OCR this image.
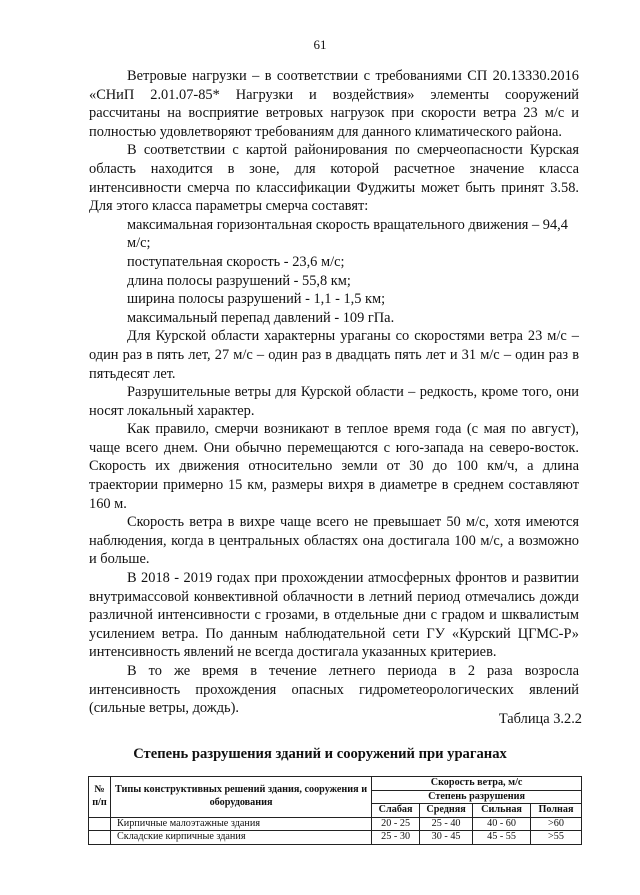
61

Ветровые нагрузки – в соответствии с требованиями СП 20.13330.2016 «СНиП 2.01.07-85* Нагрузки и воздействия» элементы сооружений рассчитаны на восприятие ветровых нагрузок при скорости ветра 23 м/с и полностью удовлетворяют требованиям для данного климатического района.

В соответствии с картой районирования по смерчеопасности Курская область находится в зоне, для которой расчетное значение класса интенсивности смерча по классификации Фуджиты может быть принят 3.58. Для этого класса параметры смерча составят:

максимальная горизонтальная скорость вращательного движения – 94,4 м/с;

поступательная скорость - 23,6 м/с;

длина полосы разрушений - 55,8 км;

ширина полосы разрушений - 1,1 - 1,5 км;

максимальный перепад давлений - 109 гПа.

Для Курской области характерны ураганы со скоростями ветра 23 м/с – один раз в пять лет, 27 м/с – один раз в двадцать пять лет и 31 м/с – один раз в пятьдесят лет.

Разрушительные ветры для Курской области – редкость, кроме того, они носят локальный характер.

Как правило, смерчи возникают в теплое время года (с мая по август), чаще всего днем. Они обычно перемещаются с юго-запада на северо-восток. Скорость их движения относительно земли от 30 до 100 км/ч, а длина траектории примерно 15 км, размеры вихря в диаметре в среднем составляют 160 м.

Скорость ветра в вихре чаще всего не превышает 50 м/с, хотя имеются наблюдения, когда в центральных областях она достигала 100 м/с, а возможно и больше.

В 2018 - 2019 годах при прохождении атмосферных фронтов и развитии внутримассовой конвективной облачности в летний период отмечались дожди различной интенсивности с грозами, в отдельные дни с градом и шквалистым усилением ветра. По данным наблюдательной сети ГУ «Курский ЦГМС-Р» интенсивность явлений не всегда достигала указанных критериев.

В то же время в течение летнего периода в 2 раза возросла интенсивность прохождения опасных гидрометеорологических явлений (сильные ветры, дождь).

Таблица 3.2.2
Степень разрушения зданий и сооружений при ураганах
№ п/п	Типы конструктивных решений здания, сооружения и оборудования	Скорость ветра, м/с			
		Степень разрушения			
		Слабая	Средняя	Сильная	Полная
	Кирпичные малоэтажные здания	20 - 25	25 - 40	40 - 60	>60
	Складские кирпичные здания	25 - 30	30 - 45	45 - 55	>55
